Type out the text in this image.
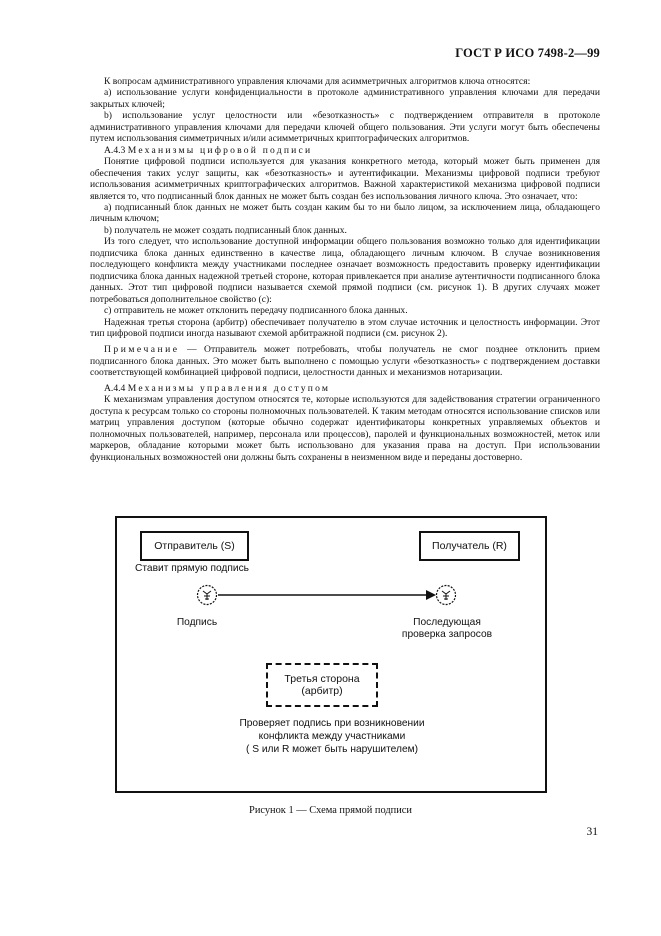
ГОСТ Р ИСО 7498-2—99

К вопросам административного управления ключами для асимметричных алгоритмов ключа относятся:

a) использование услуги конфиденциальности в протоколе административного управления ключами для передачи закрытых ключей;

b) использование услуг целостности или «безотказность» с подтверждением отправителя в протоколе административного управления ключами для передачи ключей общего пользования. Эти услуги могут быть обеспечены путем использования симметричных и/или асимметричных криптографических алгоритмов.

А.4.3 Механизмы цифровой подписи

Понятие цифровой подписи используется для указания конкретного метода, который может быть применен для обеспечения таких услуг защиты, как «безотказность» и аутентификации. Механизмы цифровой подписи требуют использования асимметричных криптографических алгоритмов. Важной характеристикой механизма цифровой подписи является то, что подписанный блок данных не может быть создан без использования личного ключа. Это означает, что:

a) подписанный блок данных не может быть создан каким бы то ни было лицом, за исключением лица, обладающего личным ключом;

b) получатель не может создать подписанный блок данных.

Из того следует, что использование доступной информации общего пользования возможно только для идентификации подписчика блока данных единственно в качестве лица, обладающего личным ключом. В случае возникновения последующего конфликта между участниками последнее означает возможность предоставить проверку идентификации подписчика блока данных надежной третьей стороне, которая привлекается при анализе аутентичности подписанного блока данных. Этот тип цифровой подписи называется схемой прямой подписи (см. рисунок 1). В других случаях может потребоваться дополнительное свойство (с):

c) отправитель не может отклонить передачу подписанного блока данных.

Надежная третья сторона (арбитр) обеспечивает получателю в этом случае источник и целостность информации. Этот тип цифровой подписи иногда называют схемой арбитражной подписи (см. рисунок 2).

Примечание — Отправитель может потребовать, чтобы получатель не смог позднее отклонить прием подписанного блока данных. Это может быть выполнено с помощью услуги «безотказность» с подтверждением доставки соответствующей комбинацией цифровой подписи, целостности данных и механизмов нотаризации.

А.4.4 Механизмы управления доступом

К механизмам управления доступом относятся те, которые используются для задействования стратегии ограниченного доступа к ресурсам только со стороны полномочных пользователей. К таким методам относятся использование списков или матриц управления доступом (которые обычно содержат идентификаторы конкретных управляемых объектов и полномочных пользователей, например, персонала или процессов), паролей и функциональных возможностей, меток или маркеров, обладание которыми может быть использовано для указания права на доступ. При использовании функциональных возможностей они должны быть сохранены в неизменном виде и переданы достоверно.

Отправитель (S)	Получатель (R)
Ставит прямую подпись
Подпись	Последующая
проверка запросов
Третья сторона
(арбитр)
Проверяет подпись при возникновении
конфликта между участниками
( S или R может быть нарушителем)
Рисунок 1 — Схема прямой подписи
31
